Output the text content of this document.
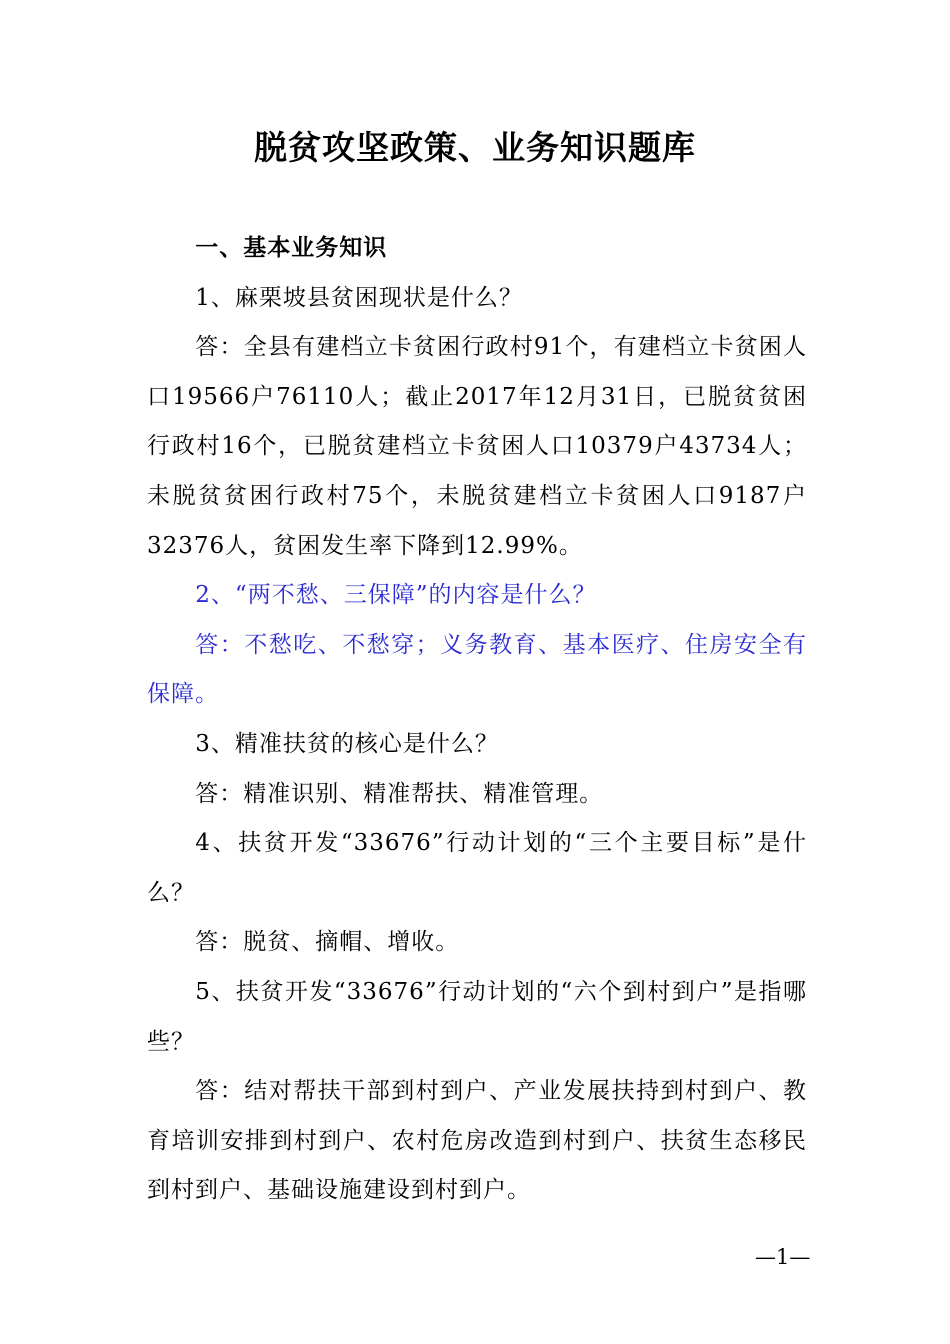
脱贫攻坚政策、业务知识题库

一、基本业务知识

1、麻栗坡县贫困现状是什么？

答：全县有建档立卡贫困行政村91个，有建档立卡贫困人口19566户76110人；截止2017年12月31日，已脱贫贫困行政村16个，已脱贫建档立卡贫困人口10379户43734人；未脱贫贫困行政村75个，未脱贫建档立卡贫困人口9187户32376人，贫困发生率下降到12.99%。

2、“两不愁、三保障”的内容是什么？

答：不愁吃、不愁穿；义务教育、基本医疗、住房安全有保障。

3、精准扶贫的核心是什么？

答：精准识别、精准帮扶、精准管理。

4、扶贫开发“33676”行动计划的“三个主要目标”是什么？

答：脱贫、摘帽、增收。

5、扶贫开发“33676”行动计划的“六个到村到户”是指哪些？

答：结对帮扶干部到村到户、产业发展扶持到村到户、教育培训安排到村到户、农村危房改造到村到户、扶贫生态移民到村到户、基础设施建设到村到户。

—1—
